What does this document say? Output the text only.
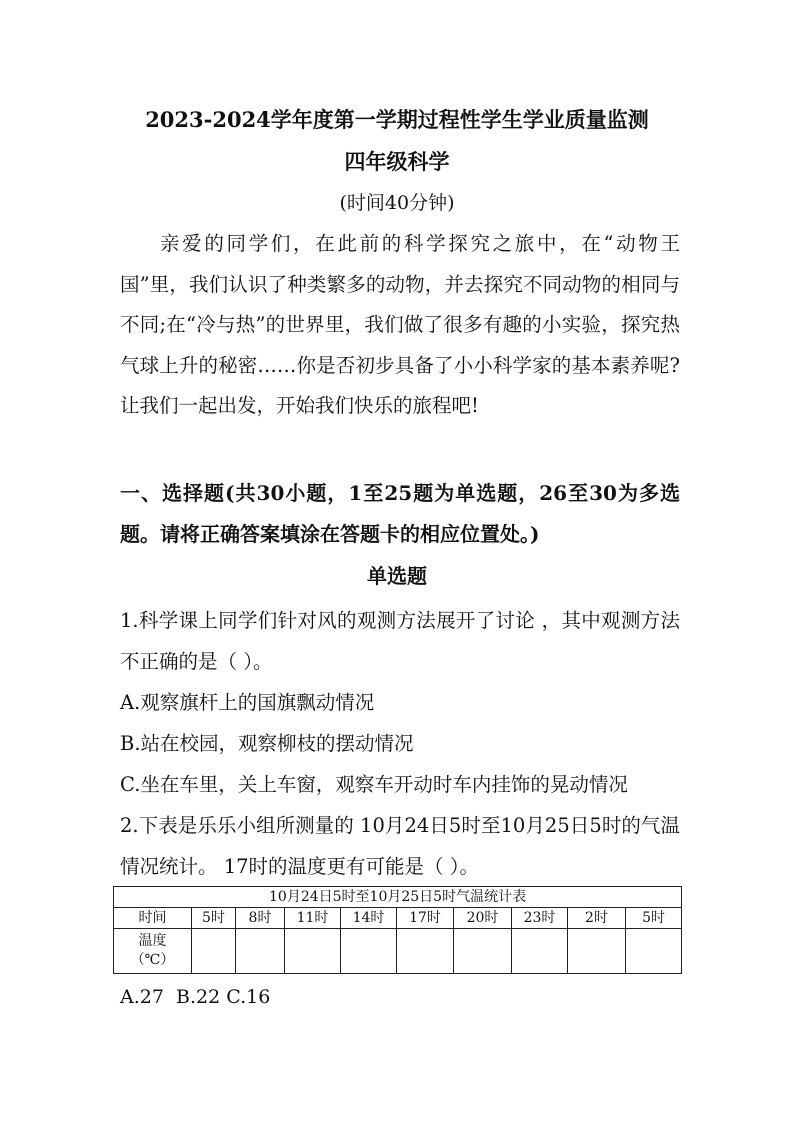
2023-2024学年度第一学期过程性学生学业质量监测
四年级科学
(时间40分钟)
亲爱的同学们，在此前的科学探究之旅中，在“动物王国”里，我们认识了种类繁多的动物，并去探究不同动物的相同与不同;在“冷与热”的世界里，我们做了很多有趣的小实验，探究热气球上升的秘密……你是否初步具备了小小科学家的基本素养呢?让我们一起出发，开始我们快乐的旅程吧!
一、选择题(共30小题，1至25题为单选题，26至30为多选题。请将正确答案填涂在答题卡的相应位置处。)
单选题
1.科学课上同学们针对风的观测方法展开了讨论 ，其中观测方法不正确的是（ ）。
A.观察旗杆上的国旗飘动情况
B.站在校园，观察柳枝的摆动情况
C.坐在车里，关上车窗，观察车开动时车内挂饰的晃动情况
2.下表是乐乐小组所测量的 10月24日5时至10月25日5时的气温情况统计。 17时的温度更有可能是（ ）。
10月24日5时至10月25日5时气温统计表									
时间	5时	8时	11时	14时	17时	20时	23时	2时	5时
温度
（℃）									
A.27  B.22 C.16
